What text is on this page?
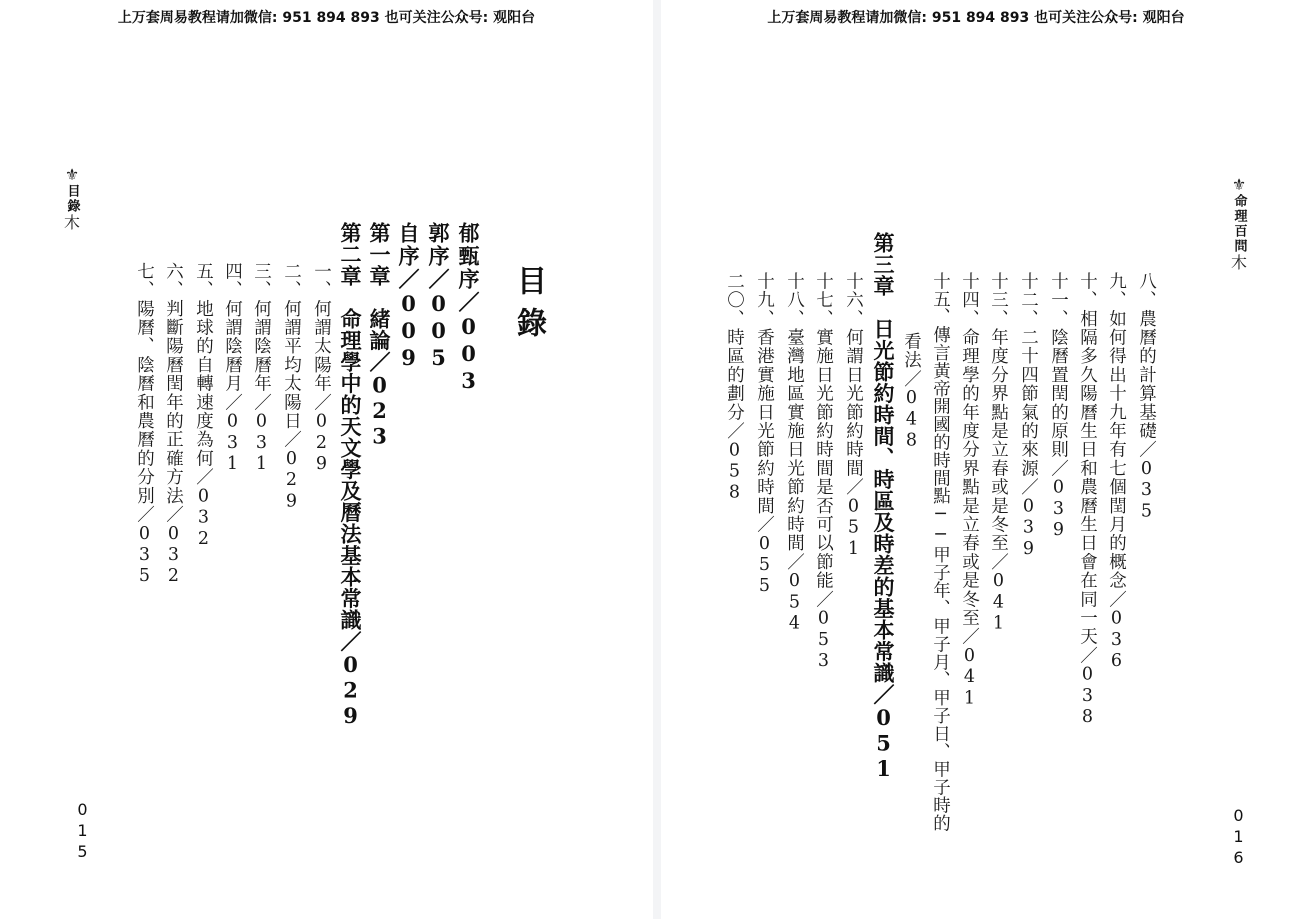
上万套周易教程请加微信: 951 894 893 也可关注公众号: 观阳台
⚜
目錄
⽊
目錄
郁甄序／003
郭序／005
自序／009
第一章　緒論／023
第二章　命理學中的天文學及曆法基本常識／029
一、何謂太陽年／029
二、何謂平均太陽日／029
三、何謂陰曆年／031
四、何謂陰曆月／031
五、地球的自轉速度為何／032
六、判斷陽曆閏年的正確方法／032
七、陽曆、陰曆和農曆的分別／035
015
上万套周易教程请加微信: 951 894 893 也可关注公众号: 观阳台
⚜
命理百問
⽊
八、農曆的計算基礎／035
九、如何得出十九年有七個閏月的概念／036
十、相隔多久陽曆生日和農曆生日會在同一天／038
十一、陰曆置閏的原則／039
十二、二十四節氣的來源／039
十三、年度分界點是立春或是冬至／041
十四、命理學的年度分界點是立春或是冬至／041
十五、傳言黃帝開國的時間點──甲子年、甲子月、甲子日、甲子時的
看法／048
第三章　日光節約時間、時區及時差的基本常識／051
十六、何謂日光節約時間／051
十七、實施日光節約時間是否可以節能／053
十八、臺灣地區實施日光節約時間／054
十九、香港實施日光節約時間／055
二〇、時區的劃分／058
016
